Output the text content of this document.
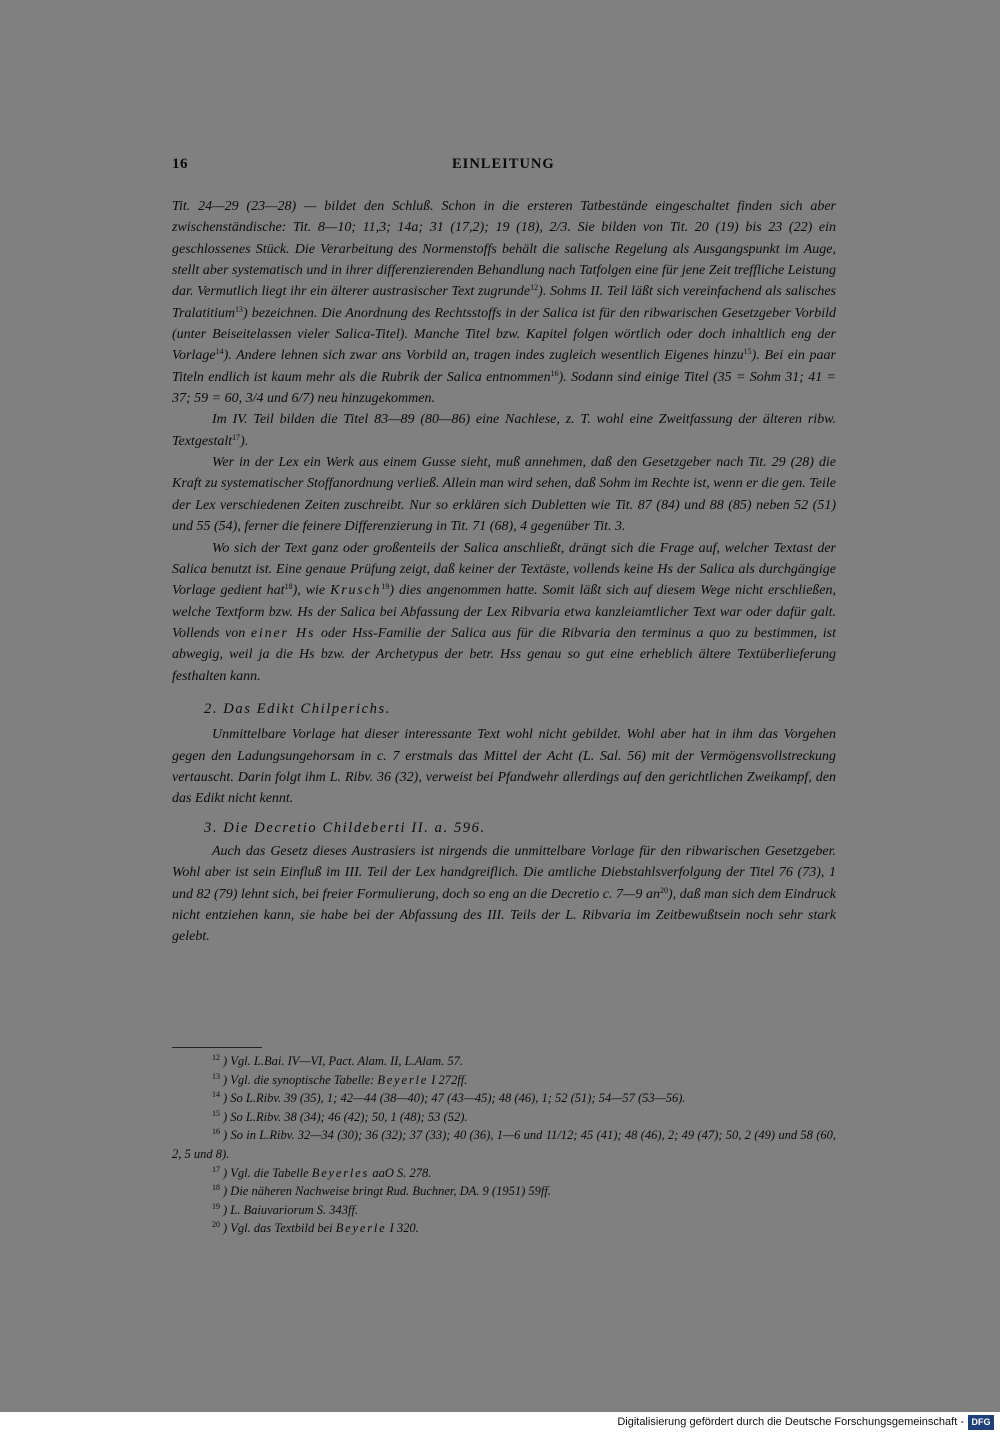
16	EINLEITUNG

Tit. 24—29 (23—28) — bildet den Schluß. Schon in die ersteren Tatbestände eingeschaltet finden sich aber zwischenständische: Tit. 8—10; 11,3; 14a; 31 (17,2); 19 (18), 2/3. Sie bilden von Tit. 20 (19) bis 23 (22) ein geschlossenes Stück. Die Verarbeitung des Normenstoffs behält die salische Regelung als Ausgangspunkt im Auge, stellt aber systematisch und in ihrer differenzierenden Behandlung nach Tatfolgen eine für jene Zeit treffliche Leistung dar. Vermutlich liegt ihr ein älterer austrasischer Text zugrunde$^{12}$). Sohms II. Teil läßt sich vereinfachend als salisches Tralatitium$^{13}$) bezeichnen. Die Anordnung des Rechtsstoffs in der Salica ist für den ribwarischen Gesetzgeber Vorbild (unter Beiseitelassen vieler Salica-Titel). Manche Titel bzw. Kapitel folgen wörtlich oder doch inhaltlich eng der Vorlage$^{14}$). Andere lehnen sich zwar ans Vorbild an, tragen indes zugleich wesentlich Eigenes hinzu$^{15}$). Bei ein paar Titeln endlich ist kaum mehr als die Rubrik der Salica entnommen$^{16}$). Sodann sind einige Titel (35 = Sohm 31; 41 = 37; 59 = 60, 3/4 und 6/7) neu hinzugekommen.

Im IV. Teil bilden die Titel 83—89 (80—86) eine Nachlese, z. T. wohl eine Zweitfassung der älteren ribw. Textgestalt$^{17}$).

Wer in der Lex ein Werk aus einem Gusse sieht, muß annehmen, daß den Gesetzgeber nach Tit. 29 (28) die Kraft zu systematischer Stoffanordnung verließ. Allein man wird sehen, daß Sohm im Rechte ist, wenn er die gen. Teile der Lex verschiedenen Zeiten zuschreibt. Nur so erklären sich Dubletten wie Tit. 87 (84) und 88 (85) neben 52 (51) und 55 (54), ferner die feinere Differenzierung in Tit. 71 (68), 4 gegenüber Tit. 3.

Wo sich der Text ganz oder großenteils der Salica anschließt, drängt sich die Frage auf, welcher Textast der Salica benutzt ist. Eine genaue Prüfung zeigt, daß keiner der Textäste, vollends keine Hs der Salica als durchgängige Vorlage gedient hat$^{18}$), wie Krusch$^{19}$) dies angenommen hatte. Somit läßt sich auf diesem Wege nicht erschließen, welche Textform bzw. Hs der Salica bei Abfassung der Lex Ribvaria etwa kanzleiamtlicher Text war oder dafür galt. Vollends von einer Hs oder Hss-Familie der Salica aus für die Ribvaria den terminus a quo zu bestimmen, ist abwegig, weil ja die Hs bzw. der Archetypus der betr. Hss genau so gut eine erheblich ältere Textüberlieferung festhalten kann.

2. Das Edikt Chilperichs.

Unmittelbare Vorlage hat dieser interessante Text wohl nicht gebildet. Wohl aber hat in ihm das Vorgehen gegen den Ladungsungehorsam in c. 7 erstmals das Mittel der Acht (L. Sal. 56) mit der Vermögensvollstreckung vertauscht. Darin folgt ihm L. Ribv. 36 (32), verweist bei Pfandwehr allerdings auf den gerichtlichen Zweikampf, den das Edikt nicht kennt.

3. Die Decretio Childeberti II. a. 596.

Auch das Gesetz dieses Austrasiers ist nirgends die unmittelbare Vorlage für den ribwarischen Gesetzgeber. Wohl aber ist sein Einfluß im III. Teil der Lex handgreiflich. Die amtliche Diebstahlsverfolgung der Titel 76 (73), 1 und 82 (79) lehnt sich, bei freier Formulierung, doch so eng an die Decretio c. 7—9 $an^{20}$), daß man sich dem Eindruck nicht entziehen kann, sie habe bei der Abfassung des III. Teils der L. Ribvaria im Zeitbewußtsein noch sehr stark gelebt.

$^{12}$ ) Vgl. L.Bai. IV—VI, Pact. Alam. II, L.Alam. 57.

$^{13}$ ) Vgl. die synoptische Tabelle: Beyerle I 272ff.

$^{14}$ ) So L.Ribv. 39 (35), 1; 42—44 (38—40); 47 (43—45); 48 (46), 1; 52 (51); 54—57 (53—56).

$^{15}$ ) So L.Ribv. 38 (34); 46 (42); 50, 1 (48); 53 (52).

$^{16}$ ) So in L.Ribv. 32—34 (30); 36 (32); 37 (33); 40 (36), 1—6 und 11/12; 45 (41); 48 (46), 2; 49 (47); 50, 2 (49) und 58 (60, 2, 5 und 8).

$^{17}$ ) Vgl. die Tabelle Beyerles aaO S. 278.

$^{18}$ ) Die näheren Nachweise bringt Rud. Buchner, DA. 9 (1951) 59ff.

$^{19}$ ) L. Baiuvariorum S. 343ff.

$^{20}$ ) Vgl. das Textbild bei Beyerle I 320.

Digitalisierung gefördert durch die Deutsche Forschungsgemeinschaft - DFG
